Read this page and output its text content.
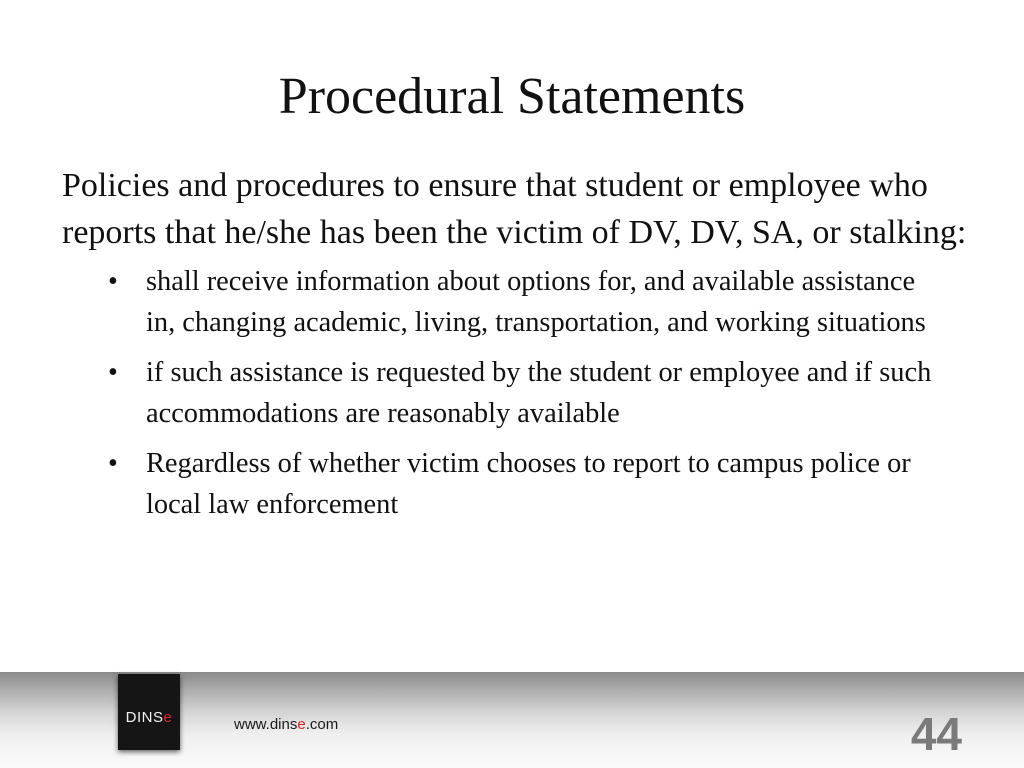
Procedural Statements

Policies and procedures to ensure that student or employee who reports that he/she has been the victim of DV, DV, SA, or stalking:

• shall receive information about options for, and available assistance in, changing academic, living, transportation, and working situations
• if such assistance is requested by the student or employee and if such accommodations are reasonably available
• Regardless of whether victim chooses to report to campus police or local law enforcement
DINSe	www.dinse.com	44
